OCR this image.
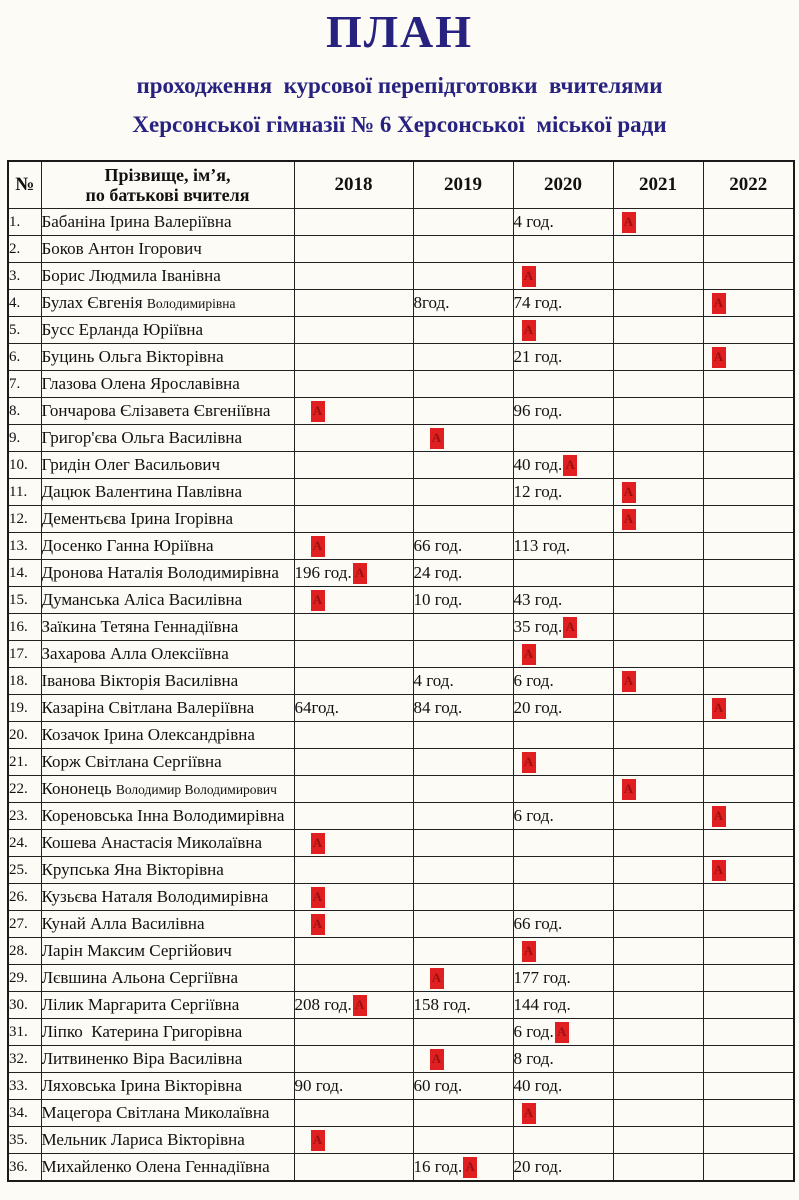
ПЛАН
проходження  курсової перепідготовки  вчителями
Херсонської гімназії № 6 Херсонської  міської ради
№	Прізвище, ім’я,
по батькові вчителя	2018	2019	2020	2021	2022
1.	Бабаніна Ірина Валеріївна			4 год.	А	
2.	Боков Антон Ігорович					
3.	Борис Людмила Іванівна			А		
4.	Булах Євгенія Володимирівна		8год.	74 год.		А
5.	Бусс Ерланда Юріївна			А		
6.	Буцинь Ольга Вікторівна			21 год.		А
7.	Глазова Олена Ярославівна					
8.	Гончарова Єлізавета Євгеніївна	А		96 год.		
9.	Григор'єва Ольга Василівна		А			
10.	Гридін Олег Васильович			40 год. А		
11.	Дацюк Валентина Павлівна			12 год.	А	
12.	Дементьєва Ірина Ігорівна				А	
13.	Досенко Ганна Юріївна	А	66 год.	113 год.		
14.	Дронова Наталія Володимирівна	196 год. А	24 год.			
15.	Думанська Аліса Василівна	А	10 год.	43 год.		
16.	Заїкина Тетяна Геннадіївна			35 год. А		
17.	Захарова Алла Олексіївна			А		
18.	Іванова Вікторія Василівна		4 год.	6 год.	А	
19.	Казаріна Світлана Валеріївна	64год.	84 год.	20 год.		А
20.	Козачок Ірина Олександрівна					
21.	Корж Світлана Сергіївна			А		
22.	Кононець Володимир Володимирович				А	
23.	Кореновська Інна Володимирівна			6 год.		А
24.	Кошева Анастасія Миколаївна	А				
25.	Крупська Яна Вікторівна					А
26.	Кузьєва Наталя Володимирівна	А				
27.	Кунай Алла Василівна	А		66 год.		
28.	Ларін Максим Сергійович			А		
29.	Лєвшина Альона Сергіївна		А	177 год.		
30.	Лілик Маргарита Сергіївна	208 год. А	158 год.	144 год.		
31.	Ліпко  Катерина Григорівна			6 год. А		
32.	Литвиненко Віра Василівна		А	8 год.		
33.	Ляховська Ірина Вікторівна	90 год.	60 год.	40 год.		
34.	Мацегора Світлана Миколаївна			А		
35.	Мельник Лариса Вікторівна	А				
36.	Михайленко Олена Геннадіївна		16 год. А	20 год.		
